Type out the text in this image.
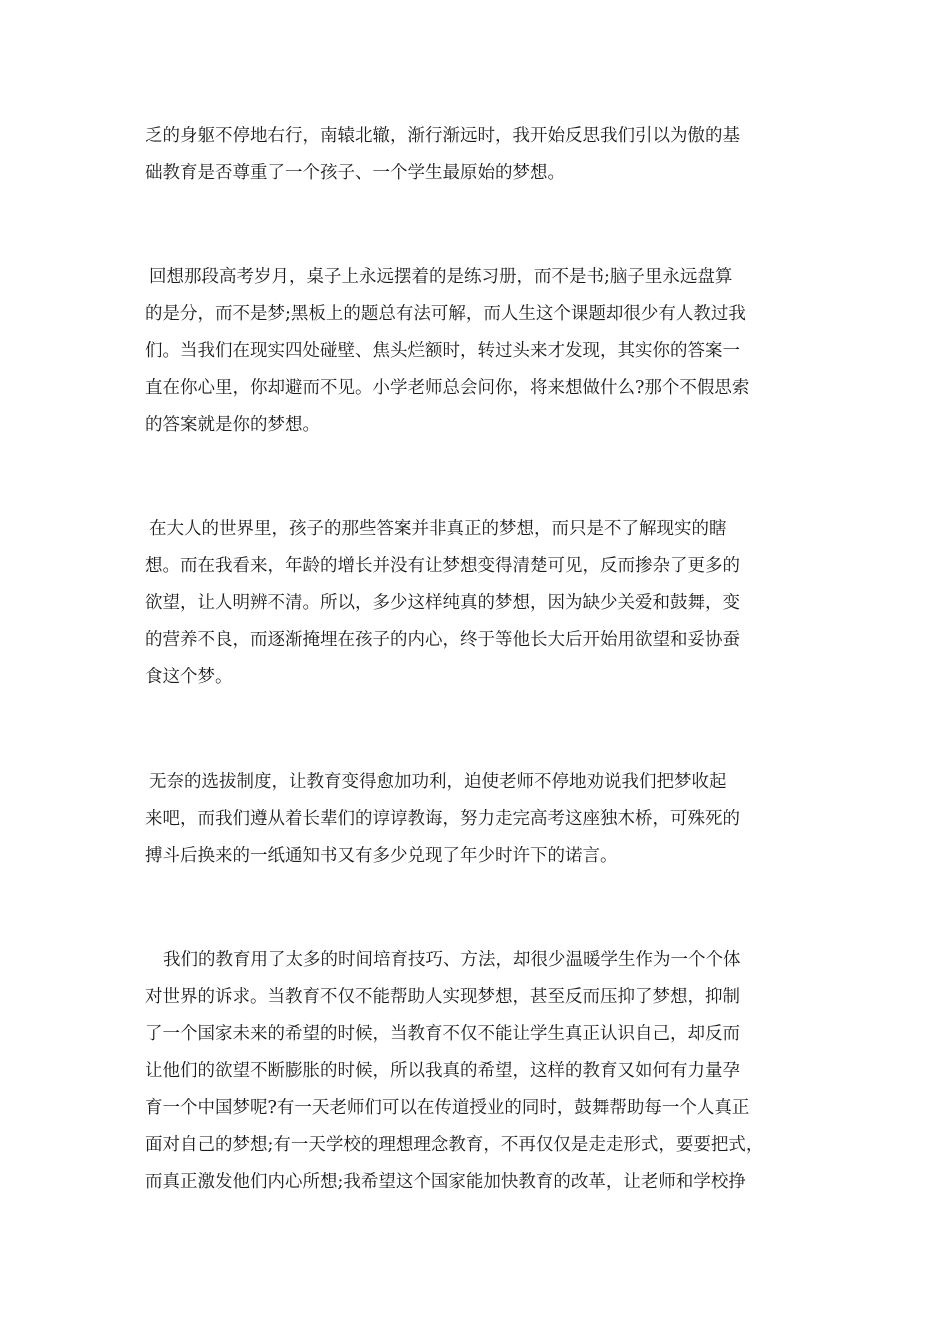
乏的身躯不停地右行，南辕北辙，渐行渐远时，我开始反思我们引以为傲的基
础教育是否尊重了一个孩子、一个学生最原始的梦想。
回想那段高考岁月，桌子上永远摆着的是练习册，而不是书;脑子里永远盘算
的是分，而不是梦;黑板上的题总有法可解，而人生这个课题却很少有人教过我
们。当我们在现实四处碰壁、焦头烂额时，转过头来才发现，其实你的答案一
直在你心里，你却避而不见。小学老师总会问你，将来想做什么?那个不假思索
的答案就是你的梦想。
在大人的世界里，孩子的那些答案并非真正的梦想，而只是不了解现实的瞎
想。而在我看来，年龄的增长并没有让梦想变得清楚可见，反而掺杂了更多的
欲望，让人明辨不清。所以，多少这样纯真的梦想，因为缺少关爱和鼓舞，变
的营养不良，而逐渐掩埋在孩子的内心，终于等他长大后开始用欲望和妥协蚕
食这个梦。
无奈的选拔制度，让教育变得愈加功利，迫使老师不停地劝说我们把梦收起
来吧，而我们遵从着长辈们的谆谆教诲，努力走完高考这座独木桥，可殊死的
搏斗后换来的一纸通知书又有多少兑现了年少时许下的诺言。
我们的教育用了太多的时间培育技巧、方法，却很少温暖学生作为一个个体
对世界的诉求。当教育不仅不能帮助人实现梦想，甚至反而压抑了梦想，抑制
了一个国家未来的希望的时候，当教育不仅不能让学生真正认识自己，却反而
让他们的欲望不断膨胀的时候，所以我真的希望，这样的教育又如何有力量孕
育一个中国梦呢?有一天老师们可以在传道授业的同时，鼓舞帮助每一个人真正
面对自己的梦想;有一天学校的理想理念教育，不再仅仅是走走形式，要要把式，
而真正激发他们内心所想;我希望这个国家能加快教育的改革，让老师和学校挣
